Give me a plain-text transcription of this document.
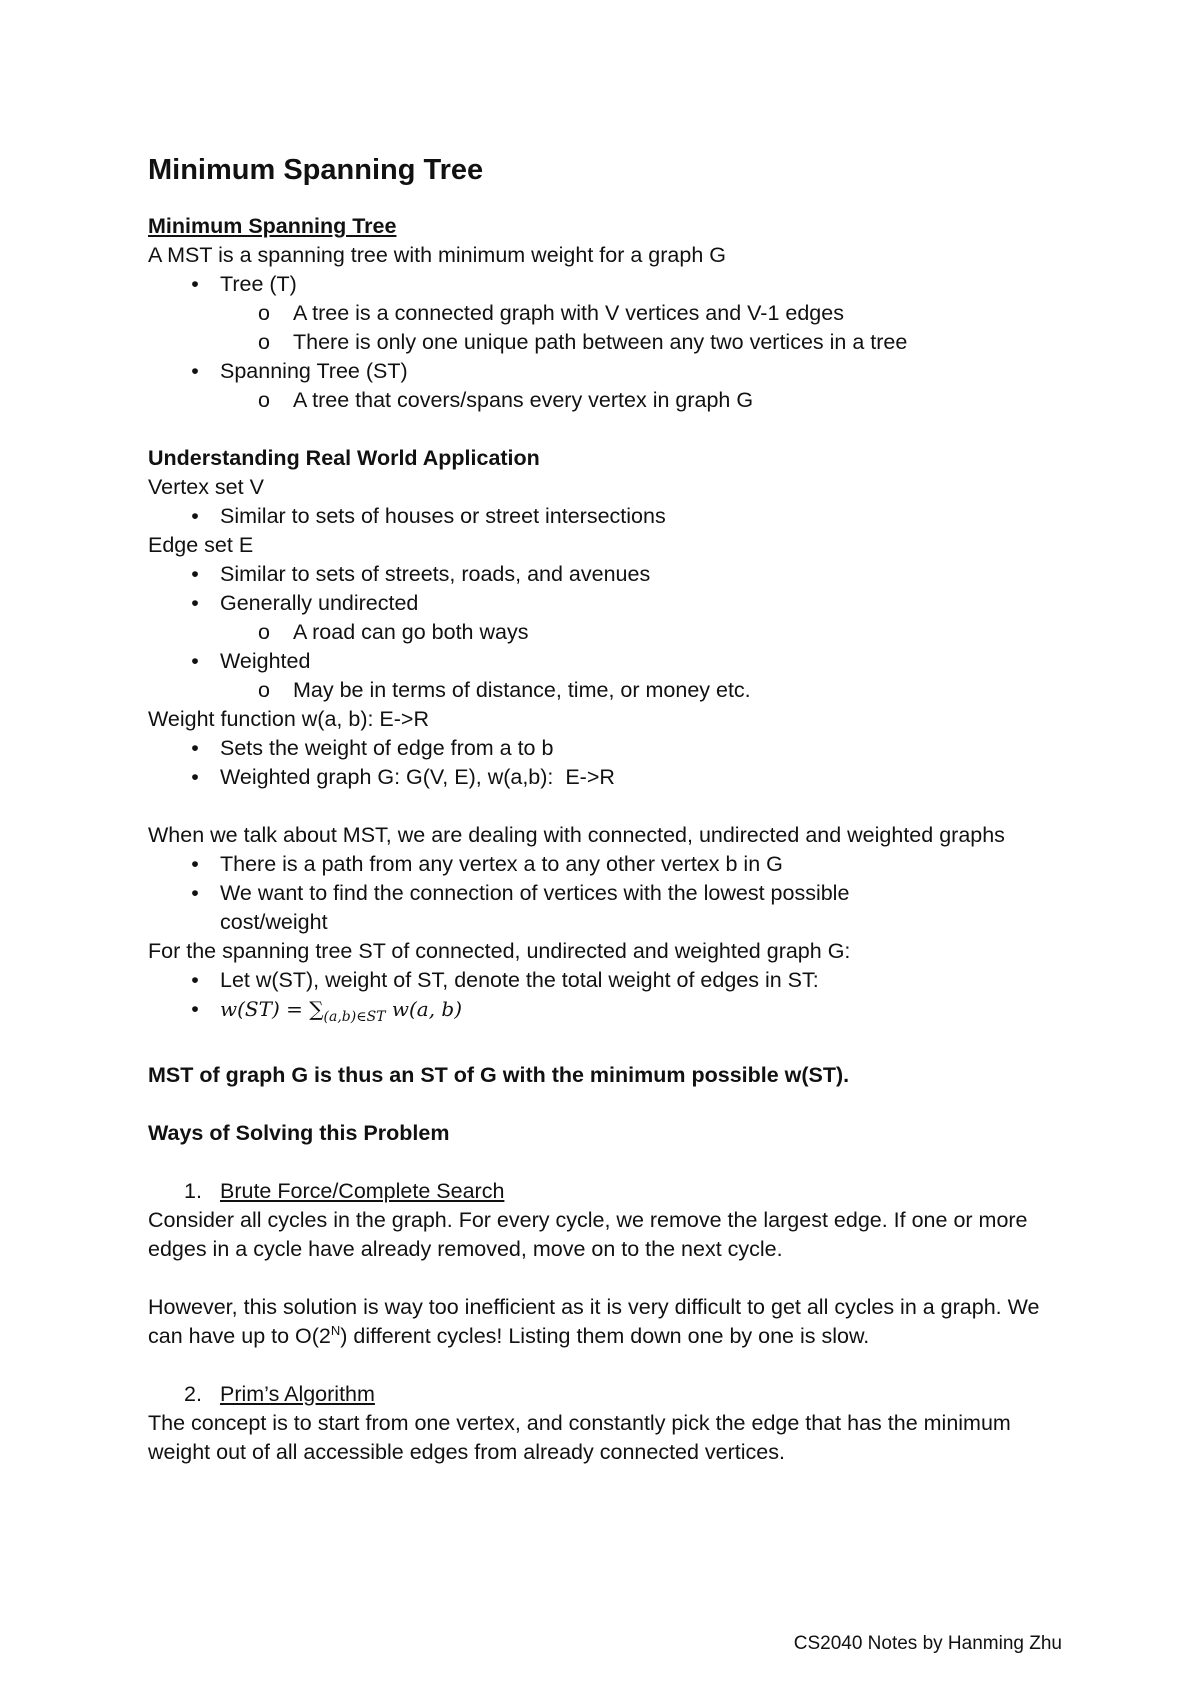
Minimum Spanning Tree
Minimum Spanning Tree
A MST is a spanning tree with minimum weight for a graph G
• Tree (T)
o A tree is a connected graph with V vertices and V-1 edges
o There is only one unique path between any two vertices in a tree
• Spanning Tree (ST)
o A tree that covers/spans every vertex in graph G
Understanding Real World Application
Vertex set V
• Similar to sets of houses or street intersections
Edge set E
• Similar to sets of streets, roads, and avenues
• Generally undirected
o A road can go both ways
• Weighted
o May be in terms of distance, time, or money etc.
Weight function w(a, b): E->R
• Sets the weight of edge from a to b
• Weighted graph G: G(V, E), w(a,b):  E->R
When we talk about MST, we are dealing with connected, undirected and weighted graphs
• There is a path from any vertex a to any other vertex b in G
• We want to find the connection of vertices with the lowest possible cost/weight
For the spanning tree ST of connected, undirected and weighted graph G:
• Let w(ST), weight of ST, denote the total weight of edges in ST:
• $w(ST) = \sum_{(a,b)\in ST}$ w(a, b)
MST of graph G is thus an ST of G with the minimum possible w(ST).
Ways of Solving this Problem
1. Brute Force/Complete Search
Consider all cycles in the graph. For every cycle, we remove the largest edge. If one or more edges in a cycle have already removed, move on to the next cycle.
However, this solution is way too inefficient as it is very difficult to get all cycles in a graph. We can have up to $O(2^N)$ different cycles! Listing them down one by one is slow.
2. Prim’s Algorithm
The concept is to start from one vertex, and constantly pick the edge that has the minimum weight out of all accessible edges from already connected vertices.
CS2040 Notes by Hanming Zhu
